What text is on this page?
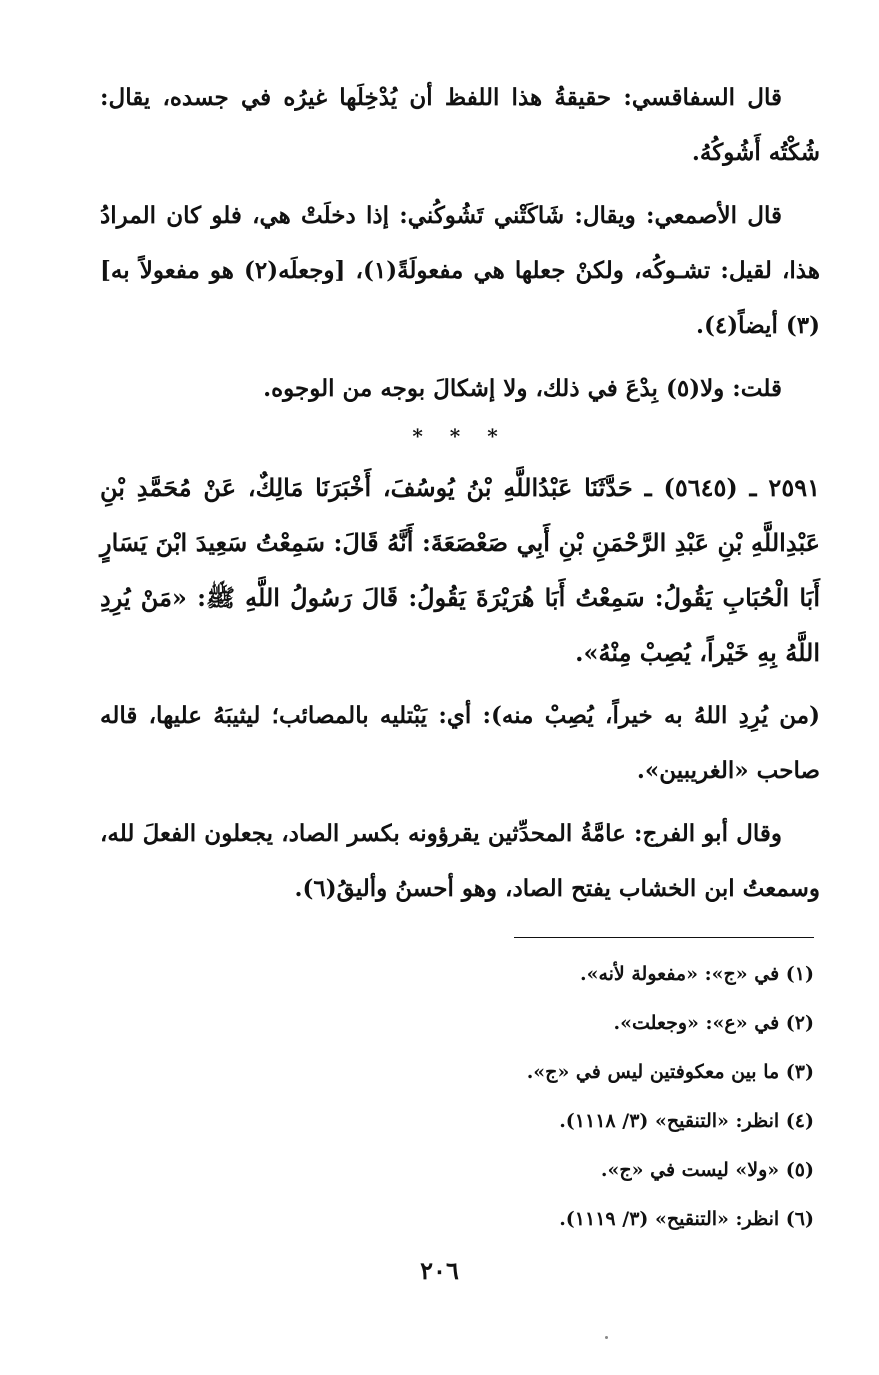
قال السفاقسي: حقيقةُ هذا اللفظ أن يُدْخِلَها غيرُه في جسده، يقال: شُكْتُه أَشُوكُهُ.

قال الأصمعي: ويقال: شَاكَتْني تَشُوكُني: إذا دخلَتْ هي، فلو كان المرادُ هذا، لقيل: تشـوكُه، ولكنْ جعلها هي مفعولَةً(١)، [وجعلَه(٢) هو مفعولاً به](٣) أيضاً(٤).

قلت: ولا(٥) بِدْعَ في ذلك، ولا إشكالَ بوجه من الوجوه.

* * *

٢٥٩١ ـ (٥٦٤٥) ـ حَدَّثَنَا عَبْدُاللَّهِ بْنُ يُوسُفَ، أَخْبَرَنَا مَالِكٌ، عَنْ مُحَمَّدِ بْنِ عَبْدِاللَّهِ بْنِ عَبْدِ الرَّحْمَنِ بْنِ أَبِي صَعْصَعَةَ: أَنَّهُ قَالَ: سَمِعْتُ سَعِيدَ ابْنَ يَسَارٍ أَبَا الْحُبَابِ يَقُولُ: سَمِعْتُ أَبَا هُرَيْرَةَ يَقُولُ: قَالَ رَسُولُ اللَّهِ ﷺ: «مَنْ يُرِدِ اللَّهُ بِهِ خَيْراً، يُصِبْ مِنْهُ».

(من يُرِدِ اللهُ به خيراً، يُصِبْ منه): أي: يَبْتليه بالمصائب؛ ليثيبَهُ عليها، قاله صاحب «الغريبين».

وقال أبو الفرج: عامَّةُ المحدِّثين يقرؤونه بكسر الصاد، يجعلون الفعلَ لله، وسمعتُ ابن الخشاب يفتح الصاد، وهو أحسنُ وأليقُ(٦).

(١) في «ج»: «مفعولة لأنه».
(٢) في «ع»: «وجعلت».
(٣) ما بين معكوفتين ليس في «ج».
(٤) انظر: «التنقيح» (٣/ ١١١٨).
(٥) «ولا» ليست في «ج».
(٦) انظر: «التنقيح» (٣/ ١١١٩).
٢٠٦
